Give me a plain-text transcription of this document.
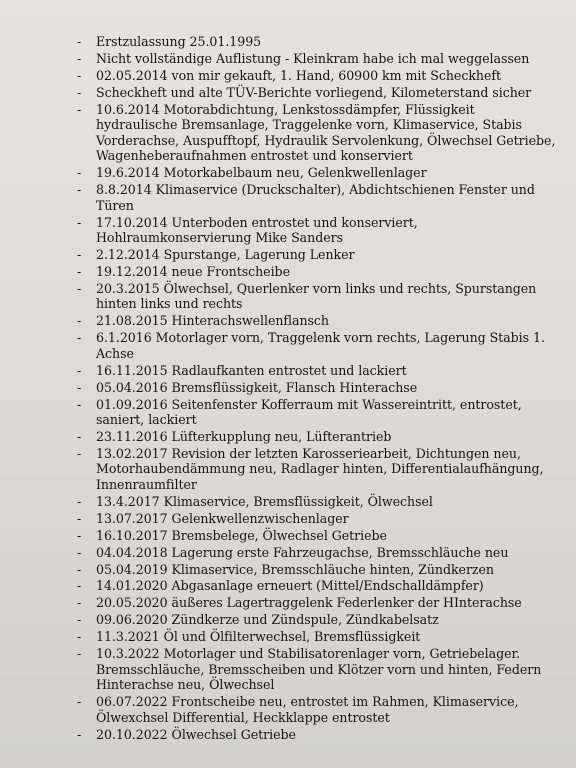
- Erstzulassung 25.01.1995
- Nicht vollständige Auflistung - Kleinkram habe ich mal weggelassen
- 02.05.2014 von mir gekauft, 1. Hand, 60900 km mit Scheckheft
- Scheckheft und alte TÜV-Berichte vorliegend, Kilometerstand sicher
- 10.6.2014 Motorabdichtung, Lenkstossdämpfer, Flüssigkeit hydraulische Bremsanlage, Traggelenke vorn, Klimaservice, Stabis Vorderachse, Auspufftopf, Hydraulik Servolenkung, Ölwechsel Getriebe, Wagenheberaufnahmen entrostet und konserviert
- 19.6.2014 Motorkabelbaum neu, Gelenkwellenlager
- 8.8.2014 Klimaservice (Druckschalter), Abdichtschienen Fenster und Türen
- 17.10.2014 Unterboden entrostet und konserviert, Hohlraumkonservierung Mike Sanders
- 2.12.2014 Spurstange, Lagerung Lenker
- 19.12.2014 neue Frontscheibe
- 20.3.2015 Ölwechsel, Querlenker vorn links und rechts, Spurstangen hinten links und rechts
- 21.08.2015 Hinterachswellenflansch
- 6.1.2016 Motorlager vorn, Traggelenk vorn rechts, Lagerung Stabis 1. Achse
- 16.11.2015 Radlaufkanten entrostet und lackiert
- 05.04.2016 Bremsflüssigkeit, Flansch Hinterachse
- 01.09.2016 Seitenfenster Kofferraum mit Wassereintritt, entrostet, saniert, lackiert
- 23.11.2016 Lüfterkupplung neu, Lüfterantrieb
- 13.02.2017 Revision der letzten Karosseriearbeit, Dichtungen neu, Motorhaubendämmung neu, Radlager hinten, Differentialaufhängung, Innenraumfilter
- 13.4.2017 Klimaservice, Bremsflüssigkeit, Ölwechsel
- 13.07.2017 Gelenkwellenzwischenlager
- 16.10.2017 Bremsbelege, Ölwechsel Getriebe
- 04.04.2018 Lagerung erste Fahrzeugachse, Bremsschläuche neu
- 05.04.2019 Klimaservice, Bremsschläuche hinten, Zündkerzen
- 14.01.2020 Abgasanlage erneuert (Mittel/Endschalldämpfer)
- 20.05.2020 äußeres Lagertraggelenk Federlenker der HInterachse
- 09.06.2020 Zündkerze und Zündspule, Zündkabelsatz
- 11.3.2021 Öl und Ölfilterwechsel, Bremsflüssigkeit
- 10.3.2022 Motorlager und Stabilisatorenlager vorn, Getriebelager. Bremsschläuche, Bremsscheiben und Klötzer vorn und hinten, Federn Hinterachse neu, Ölwechsel
- 06.07.2022 Frontscheibe neu, entrostet im Rahmen, Klimaservice, Ölwexchsel Differential, Heckklappe entrostet
- 20.10.2022 Ölwechsel Getriebe
